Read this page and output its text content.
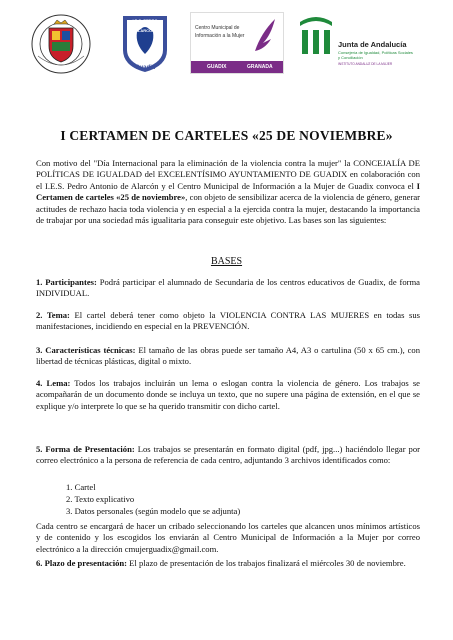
I.E.S. PEDRO ANTONIO DE ALARCÓN
Guadix
Centro Municipal de
Información a la Mujer
GUADIX	GRANADA
Junta de Andalucía
Consejería de Igualdad, Políticas Sociales
y Conciliación
INSTITUTO ANDALUZ DE LA MUJER
I CERTAMEN DE CARTELES «25 DE NOVIEMBRE»
Con motivo del "Día Internacional para la eliminación de la violencia contra la mujer" la CONCEJALÍA DE POLÍTICAS DE IGUALDAD del EXCELENTÍSIMO AYUNTAMIENTO DE GUADIX en colaboración con el I.E.S. Pedro Antonio de Alarcón y el Centro Municipal de Información a la Mujer de Guadix convoca el I Certamen de carteles «25 de noviembre», con objeto de sensibilizar acerca de la violencia de género, generar actitudes de rechazo hacia toda violencia y en especial a la ejercida contra la mujer, destacando la importancia de trabajar por una sociedad más igualitaria para conseguir este objetivo. Las bases son las siguientes:
BASES
1. Participantes: Podrá participar el alumnado de Secundaria de los centros educativos de Guadix, de forma INDIVIDUAL.
2. Tema: El cartel deberá tener como objeto la VIOLENCIA CONTRA LAS MUJERES en todas sus manifestaciones, incidiendo en especial en la PREVENCIÓN.
3. Características técnicas: El tamaño de las obras puede ser tamaño A4, A3 o cartulina (50 x 65 cm.), con libertad de técnicas plásticas, digital o mixto.
4. Lema: Todos los trabajos incluirán un lema o eslogan contra la violencia de género. Los trabajos se acompañarán de un documento donde se incluya un texto, que no supere una página de extensión, en el que se explique y/o interprete lo que se ha querido transmitir con dicho cartel.
5. Forma de Presentación: Los trabajos se presentarán en formato digital (pdf, jpg...) haciéndolo llegar por correo electrónico a la persona de referencia de cada centro, adjuntando 3 archivos identificados como:
1. Cartel
2. Texto explicativo
3. Datos personales (según modelo que se adjunta)
Cada centro se encargará de hacer un cribado seleccionando los carteles que alcancen unos mínimos artísticos y de contenido y los escogidos los enviarán al Centro Municipal de Información a la Mujer por correo electrónico a la dirección cmujerguadix@gmail.com.
6. Plazo de presentación: El plazo de presentación de los trabajos finalizará el miércoles 30 de noviembre.
